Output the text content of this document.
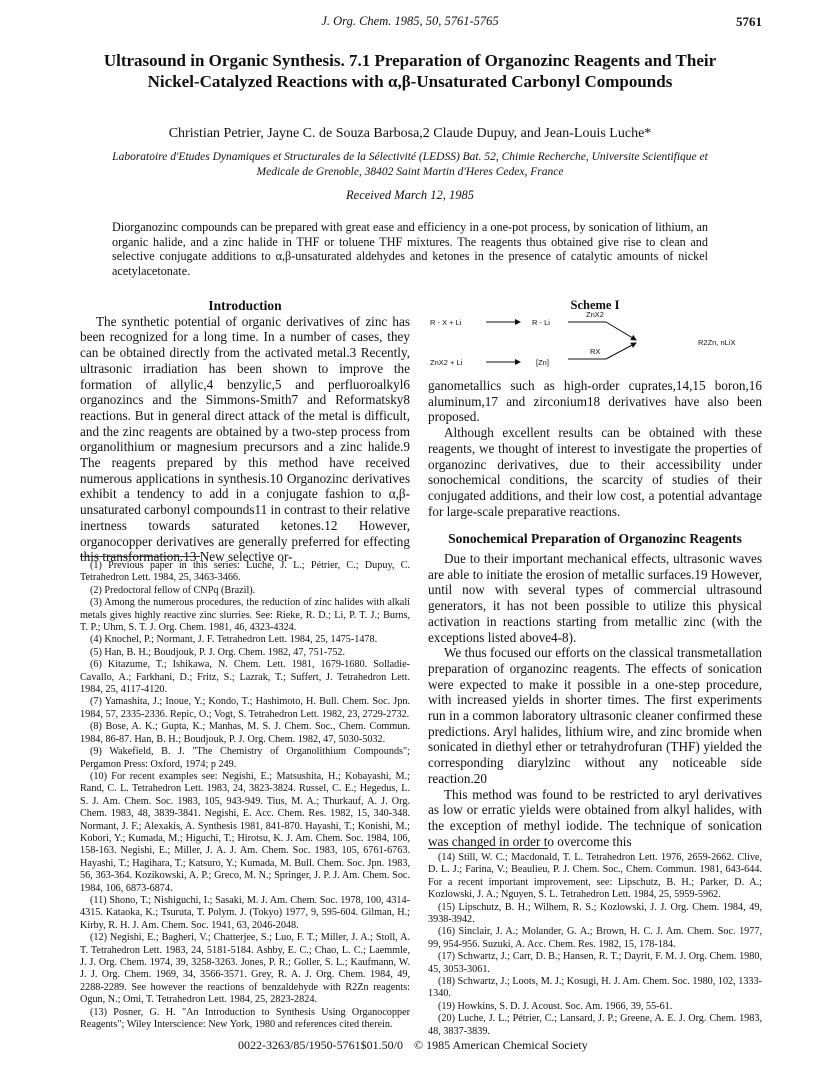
J. Org. Chem. 1985, 50, 5761-5765	5761
Ultrasound in Organic Synthesis. 7.1 Preparation of Organozinc Reagents and Their Nickel-Catalyzed Reactions with α,β-Unsaturated Carbonyl Compounds
Christian Petrier, Jayne C. de Souza Barbosa,2 Claude Dupuy, and Jean-Louis Luche*
Laboratoire d'Etudes Dynamiques et Structurales de la Sélectivité (LEDSS) Bat. 52, Chimie Recherche, Universite Scientifique et Medicale de Grenoble, 38402 Saint Martin d'Heres Cedex, France
Received March 12, 1985
Diorganozinc compounds can be prepared with great ease and efficiency in a one-pot process, by sonication of lithium, an organic halide, and a zinc halide in THF or toluene THF mixtures. The reagents thus obtained give rise to clean and selective conjugate additions to α,β-unsaturated aldehydes and ketones in the presence of catalytic amounts of nickel acetylacetonate.
Introduction

The synthetic potential of organic derivatives of zinc has been recognized for a long time. In a number of cases, they can be obtained directly from the activated metal.3 Recently, ultrasonic irradiation has been shown to improve the formation of allylic,4 benzylic,5 and perfluoroalkyl6 organozincs and the Simmons-Smith7 and Reformatsky8 reactions. But in general direct attack of the metal is difficult, and the zinc reagents are obtained by a two-step process from organolithium or magnesium precursors and a zinc halide.9 The reagents prepared by this method have received numerous applications in synthesis.10 Organozinc derivatives exhibit a tendency to add in a conjugate fashion to α,β-unsaturated carbonyl compounds11 in contrast to their relative inertness towards saturated ketones.12 However, organocopper derivatives are generally preferred for effecting this transformation.13 New selective or-

(1) Previous paper in this series: Luche, J. L.; Pétrier, C.; Dupuy, C. Tetrahedron Lett. 1984, 25, 3463-3466.

(2) Predoctoral fellow of CNPq (Brazil).

(3) Among the numerous procedures, the reduction of zinc halides with alkali metals gives highly reactive zinc slurries. See: Rieke, R. D.; Li, P. T. J.; Burns, T. P.; Uhm, S. T. J. Org. Chem. 1981, 46, 4323-4324.

(4) Knochel, P.; Normant, J. F. Tetrahedron Lett. 1984, 25, 1475-1478.

(5) Han, B. H.; Boudjouk, P. J. Org. Chem. 1982, 47, 751-752.

(6) Kitazume, T.; Ishikawa, N. Chem. Lett. 1981, 1679-1680. Solladie-Cavallo, A.; Farkhani, D.; Fritz, S.; Lazrak, T.; Suffert, J. Tetrahedron Lett. 1984, 25, 4117-4120.

(7) Yamashita, J.; Inoue, Y.; Kondo, T.; Hashimoto, H. Bull. Chem. Soc. Jpn. 1984, 57, 2335-2336. Repic, O.; Vogt, S. Tetrahedron Lett. 1982, 23, 2729-2732.

(8) Bose, A. K.; Gupta, K.; Manhas, M. S. J. Chem. Soc., Chem. Commun. 1984, 86-87. Han, B. H.; Boudjouk, P. J. Org. Chem. 1982, 47, 5030-5032.

(9) Wakefield, B. J. "The Chemistry of Organolithium Compounds"; Pergamon Press: Oxford, 1974; p 249.

(10) For recent examples see: Negishi, E.; Matsushita, H.; Kobayashi, M.; Rand, C. L. Tetrahedron Lett. 1983, 24, 3823-3824. Russel, C. E.; Hegedus, L. S. J. Am. Chem. Soc. 1983, 105, 943-949. Tius, M. A.; Thurkauf, A. J. Org. Chem. 1983, 48, 3839-3841. Negishi, E. Acc. Chem. Res. 1982, 15, 340-348. Normant, J. F.; Alexakis, A. Synthesis 1981, 841-870. Hayashi, T.; Konishi, M.; Kobori, Y.; Kumada, M.; Higuchi, T.; Hirotsu, K. J. Am. Chem. Soc. 1984, 106, 158-163. Negishi, E.; Miller, J. A. J. Am. Chem. Soc. 1983, 105, 6761-6763. Hayashi, T.; Hagihara, T.; Katsuro, Y.; Kumada, M. Bull. Chem. Soc. Jpn. 1983, 56, 363-364. Kozikowski, A. P.; Greco, M. N.; Springer, J. P. J. Am. Chem. Soc. 1984, 106, 6873-6874.

(11) Shono, T.; Nishiguchi, I.; Sasaki, M. J. Am. Chem. Soc. 1978, 100, 4314-4315. Kataoka, K.; Tsuruta, T. Polym. J. (Tokyo) 1977, 9, 595-604. Gilman, H.; Kirby, R. H. J. Am. Chem. Soc. 1941, 63, 2046-2048.

(12) Negishi, E.; Bagheri, V.; Chatterjee, S.; Luo, F. T.; Miller, J. A.; Stoll, A. T. Tetrahedron Lett. 1983, 24, 5181-5184. Ashby, E. C.; Chao, L. C.; Laemmle, J. J. Org. Chem. 1974, 39, 3258-3263. Jones, P. R.; Goller, S. L.; Kaufmann, W. J. J. Org. Chem. 1969, 34, 3566-3571. Grey, R. A. J. Org. Chem. 1984, 49, 2288-2289. See however the reactions of benzaldehyde with R2Zn reagents: Ogun, N.; Omi, T. Tetrahedron Lett. 1984, 25, 2823-2824.

(13) Posner, G. H. "An Introduction to Synthesis Using Organocopper Reagents"; Wiley Interscience: New York, 1980 and references cited therein.

Scheme I
R - X + Li	R - Li
ZnX2
R2Zn, nLiX
ZnX2 + Li	[Zn]
RX

ganometallics such as high-order cuprates,14,15 boron,16 aluminum,17 and zirconium18 derivatives have also been proposed.

Although excellent results can be obtained with these reagents, we thought of interest to investigate the properties of organozinc derivatives, due to their accessibility under sonochemical conditions, the scarcity of studies of their conjugated additions, and their low cost, a potential advantage for large-scale preparative reactions.

Sonochemical Preparation of Organozinc Reagents

Due to their important mechanical effects, ultrasonic waves are able to initiate the erosion of metallic surfaces.19 However, until now with several types of commercial ultrasound generators, it has not been possible to utilize this physical activation in reactions starting from metallic zinc (with the exceptions listed above4-8).

We thus focused our efforts on the classical transmetallation preparation of organozinc reagents. The effects of sonication were expected to make it possible in a one-step procedure, with increased yields in shorter times. The first experiments run in a common laboratory ultrasonic cleaner confirmed these predictions. Aryl halides, lithium wire, and zinc bromide when sonicated in diethyl ether or tetrahydrofuran (THF) yielded the corresponding diarylzinc without any noticeable side reaction.20

This method was found to be restricted to aryl derivatives as low or erratic yields were obtained from alkyl halides, with the exception of methyl iodide. The technique of sonication was changed in order to overcome this

(14) Still, W. C.; Macdonald, T. L. Tetrahedron Lett. 1976, 2659-2662. Clive, D. L. J.; Farina, V.; Beaulieu, P. J. Chem. Soc., Chem. Commun. 1981, 643-644. For a recent important improvement, see: Lipschutz, B. H.; Parker, D. A.; Kozlowski, J. A.; Nguyen, S. L. Tetrahedron Lett. 1984, 25, 5959-5962.

(15) Lipschutz, B. H.; Wilhem, R. S.; Kozlowski, J. J. Org. Chem. 1984, 49, 3938-3942.

(16) Sinclair, J. A.; Molander, G. A.; Brown, H. C. J. Am. Chem. Soc. 1977, 99, 954-956. Suzuki, A. Acc. Chem. Res. 1982, 15, 178-184.

(17) Schwartz, J.; Carr, D. B.; Hansen, R. T.; Dayrit, F. M. J. Org. Chem. 1980, 45, 3053-3061.

(18) Schwartz, J.; Loots, M. J.; Kosugi, H. J. Am. Chem. Soc. 1980, 102, 1333-1340.

(19) Howkins, S. D. J. Acoust. Soc. Am. 1966, 39, 55-61.

(20) Luche, J. L.; Pétrier, C.; Lansard, J. P.; Greene, A. E. J. Org. Chem. 1983, 48, 3837-3839.

0022-3263/85/1950-5761$01.50/0 © 1985 American Chemical Society
